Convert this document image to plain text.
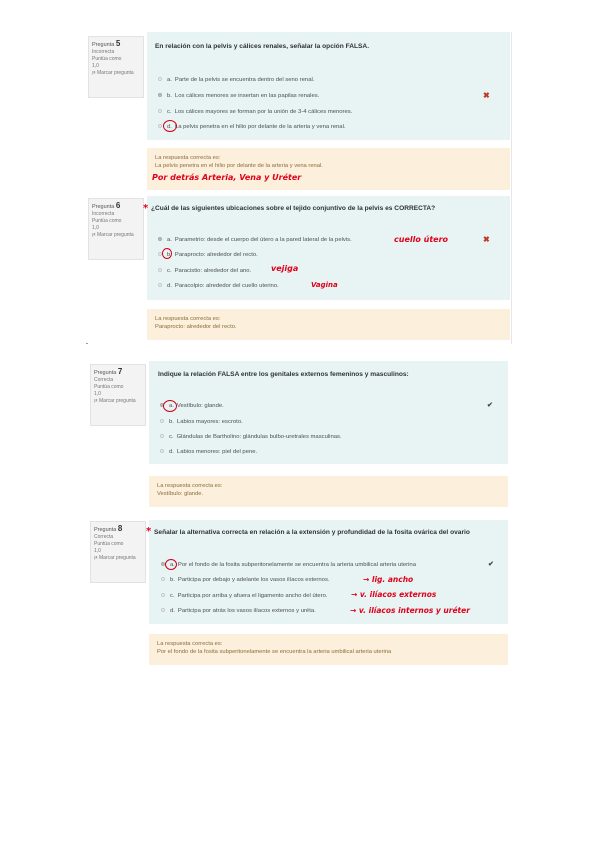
Pregunta 5
Incorrecta
Puntúa como
1,0
Marcar pregunta
En relación con la pelvis y cálices renales, señalar la opción FALSA.
a. Parte de la pelvis se encuentra dentro del seno renal.
b. Los cálices menores se insertan en las papilas renales.
c. Los cálices mayores se forman por la unión de 3-4 cálices menores.
d. La pelvis penetra en el hilio por delante de la arteria y vena renal.
✖
La respuesta correcta es:
La pelvis penetra en el hilio por delante de la arteria y vena renal.
Por detrás Arteria, Vena y Uréter
Pregunta 6
Incorrecta
Puntúa como
1,0
Marcar pregunta
* ¿Cuál de las siguientes ubicaciones sobre el tejido conjuntivo de la pelvis es CORRECTA?
a. Parametrio: desde el cuerpo del útero a la pared lateral de la pelvis.
b. Paraprocto: alrededor del recto.
c. Paracistio: alrededor del ano.
d. Paracolpio: alrededor del cuello uterino.
cuello útero
vejiga
Vagina
✖
La respuesta correcta es:
Paraprocto: alrededor del recto.
Pregunta 7
Correcta
Puntúa como
1,0
Marcar pregunta
Indique la relación FALSA entre los genitales externos femeninos y masculinos:
a. Vestíbulo: glande.
b. Labios mayores: escroto.
c. Glándulas de Bartholino: glándulas bulbo-uretrales masculinas.
d. Labios menores: piel del pene.
✔
La respuesta correcta es:
Vestíbulo: glande.
Pregunta 8
Correcta
Puntúa como
1,0
Marcar pregunta
* Señalar la alternativa correcta en relación a la extensión y profundidad de la fosita ovárica del ovario
a. Por el fondo de la fosita subperitonelamente se encuentra la arteria umbilical arteria uterina
b. Participa por debajo y adelante los vasos ilíacos externos.
c. Participa por arriba y afuera el ligamento ancho del útero.
d. Participa por atrás los vasos ilíacos externos y uréta.
→ lig. ancho
→ v. ilíacos externos
→ v. ilíacos internos y uréter
✔
La respuesta correcta es:
Por el fondo de la fosita subperitonelamente se encuentra la arteria umbilical arteria uterina
